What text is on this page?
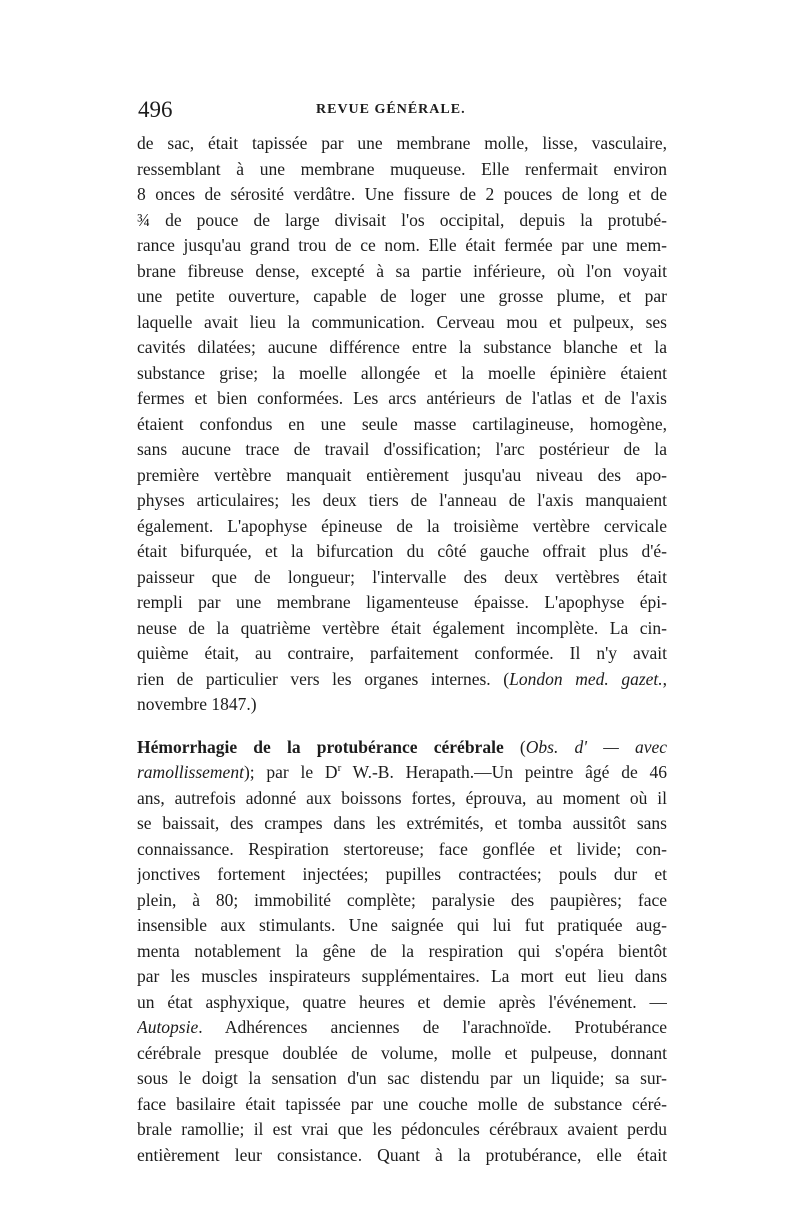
496	REVUE GÉNÉRALE.
de sac, était tapissée par une membrane molle, lisse, vasculaire,
ressemblant à une membrane muqueuse. Elle renfermait environ
8 onces de sérosité verdâtre. Une fissure de 2 pouces de long et de
¾ de pouce de large divisait l'os occipital, depuis la protubé-
rance jusqu'au grand trou de ce nom. Elle était fermée par une mem-
brane fibreuse dense, excepté à sa partie inférieure, où l'on voyait
une petite ouverture, capable de loger une grosse plume, et par
laquelle avait lieu la communication. Cerveau mou et pulpeux, ses
cavités dilatées; aucune différence entre la substance blanche et la
substance grise; la moelle allongée et la moelle épinière étaient
fermes et bien conformées. Les arcs antérieurs de l'atlas et de l'axis
étaient confondus en une seule masse cartilagineuse, homogène,
sans aucune trace de travail d'ossification; l'arc postérieur de la
première vertèbre manquait entièrement jusqu'au niveau des apo-
physes articulaires; les deux tiers de l'anneau de l'axis manquaient
également. L'apophyse épineuse de la troisième vertèbre cervicale
était bifurquée, et la bifurcation du côté gauche offrait plus d'é-
paisseur que de longueur; l'intervalle des deux vertèbres était
rempli par une membrane ligamenteuse épaisse. L'apophyse épi-
neuse de la quatrième vertèbre était également incomplète. La cin-
quième était, au contraire, parfaitement conformée. Il n'y avait
rien de particulier vers les organes internes. (London med. gazet.,
novembre 1847.)
Hémorrhagie de la protubérance cérébrale (Obs. d' — avec
ramollissement); par le $D^r$ W.-B. Herapath.—Un peintre âgé de 46
ans, autrefois adonné aux boissons fortes, éprouva, au moment où il
se baissait, des crampes dans les extrémités, et tomba aussitôt sans
connaissance. Respiration stertoreuse; face gonflée et livide; con-
jonctives fortement injectées; pupilles contractées; pouls dur et
plein, à 80; immobilité complète; paralysie des paupières; face
insensible aux stimulants. Une saignée qui lui fut pratiquée aug-
menta notablement la gêne de la respiration qui s'opéra bientôt
par les muscles inspirateurs supplémentaires. La mort eut lieu dans
un état asphyxique, quatre heures et demie après l'événement. —
Autopsie. Adhérences anciennes de l'arachnoïde. Protubérance
cérébrale presque doublée de volume, molle et pulpeuse, donnant
sous le doigt la sensation d'un sac distendu par un liquide; sa sur-
face basilaire était tapissée par une couche molle de substance céré-
brale ramollie; il est vrai que les pédoncules cérébraux avaient perdu
entièrement leur consistance. Quant à la protubérance, elle était
